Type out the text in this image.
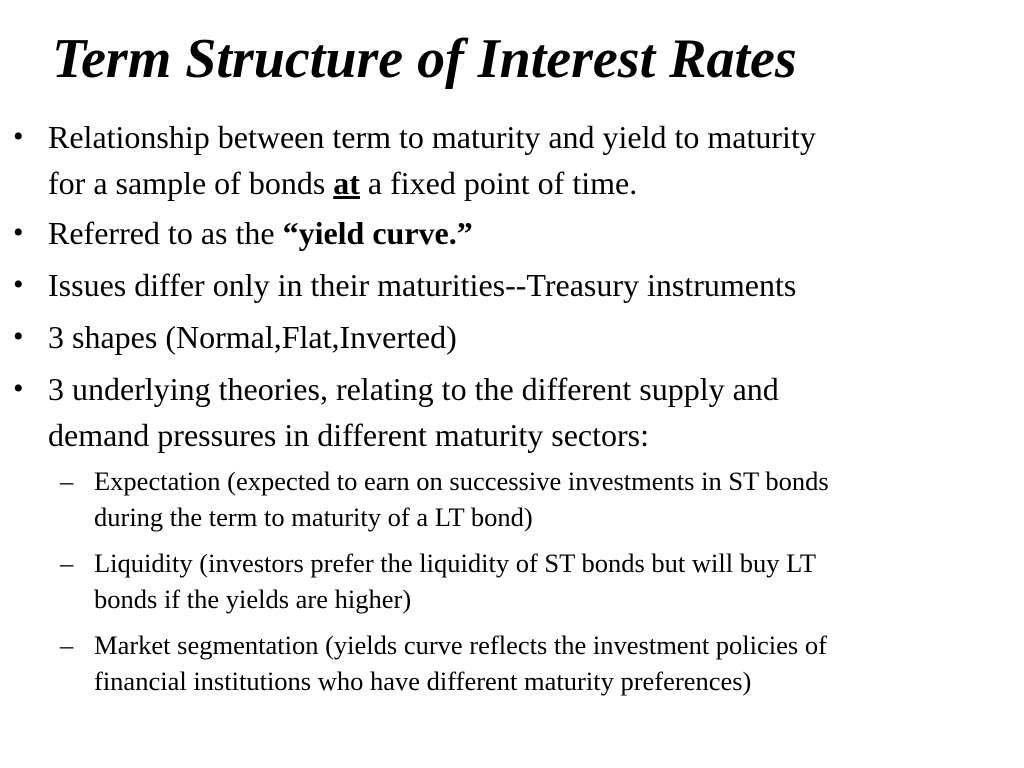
Term Structure of Interest Rates
• Relationship between term to maturity and yield to maturity
for a sample of bonds at a fixed point of time.
• Referred to as the “yield curve.”
• Issues differ only in their maturities--Treasury instruments
• 3 shapes (Normal,Flat,Inverted)
• 3 underlying theories, relating to the different supply and
demand pressures in different maturity sectors:
– Expectation (expected to earn on successive investments in ST bonds
during the term to maturity of a LT bond)
– Liquidity (investors prefer the liquidity of ST bonds but will buy LT
bonds if the yields are higher)
– Market segmentation (yields curve reflects the investment policies of
financial institutions who have different maturity preferences)
